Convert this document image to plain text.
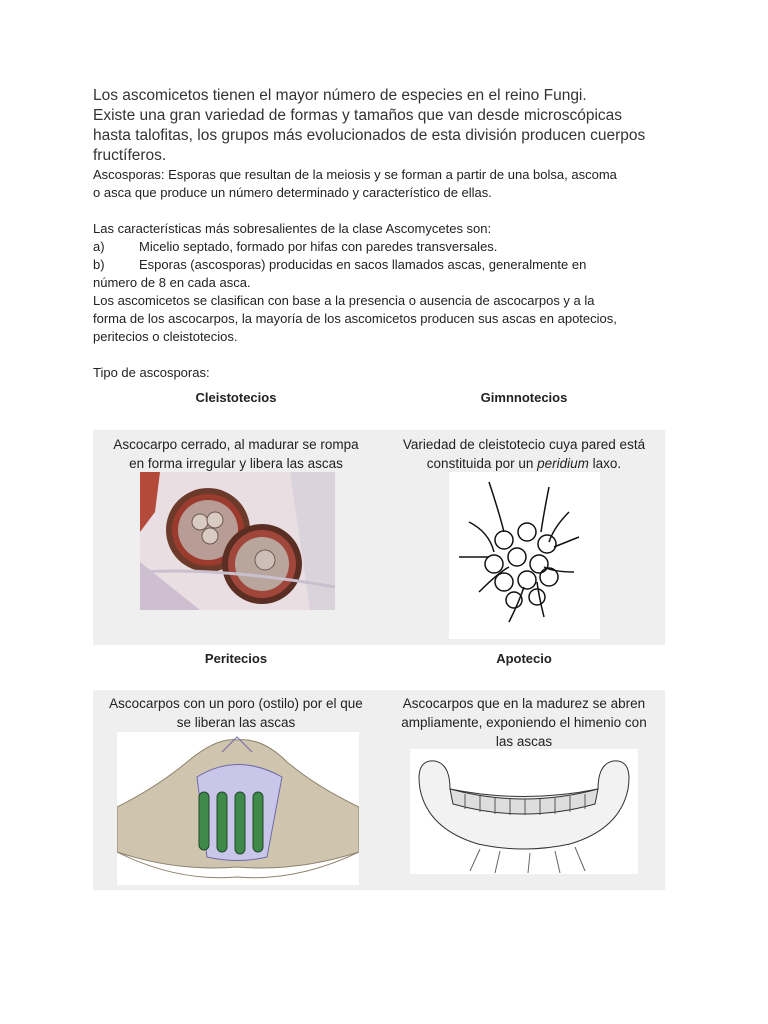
Los ascomicetos tienen el mayor número de especies en el reino Fungi.

Existe una gran variedad de formas y tamaños que van desde microscópicas

hasta talofitas, los grupos más evolucionados de esta división producen cuerpos

fructíferos.

Ascosporas: Esporas que resultan de la meiosis y se forman a partir de una bolsa, ascoma

o asca que produce un número determinado y característico de ellas.

Las características más sobresalientes de la clase Ascomycetes son:

a)	Micelio septado, formado por hifas con paredes transversales.
b)	Esporas (ascosporas) producidas en sacos llamados ascas, generalmente en

número de 8 en cada asca.

Los ascomicetos se clasifican con base a la presencia o ausencia de ascocarpos y a la

forma de los ascocarpos, la mayoría de los ascomicetos producen sus ascas en apotecios,

peritecios o cleistotecios.

Tipo de ascosporas:

Cleistotecios	Gimnnotecios
Ascocarpo cerrado, al madurar se rompa
en forma irregular y libera las ascas
Variedad de cleistotecio cuya pared está
constituida por un peridium laxo.
Peritecios	Apotecio
Ascocarpos con un poro (ostilo) por el que
se liberan las ascas
Ascocarpos que en la madurez se abren
ampliamente, exponiendo el himenio con
las ascas
